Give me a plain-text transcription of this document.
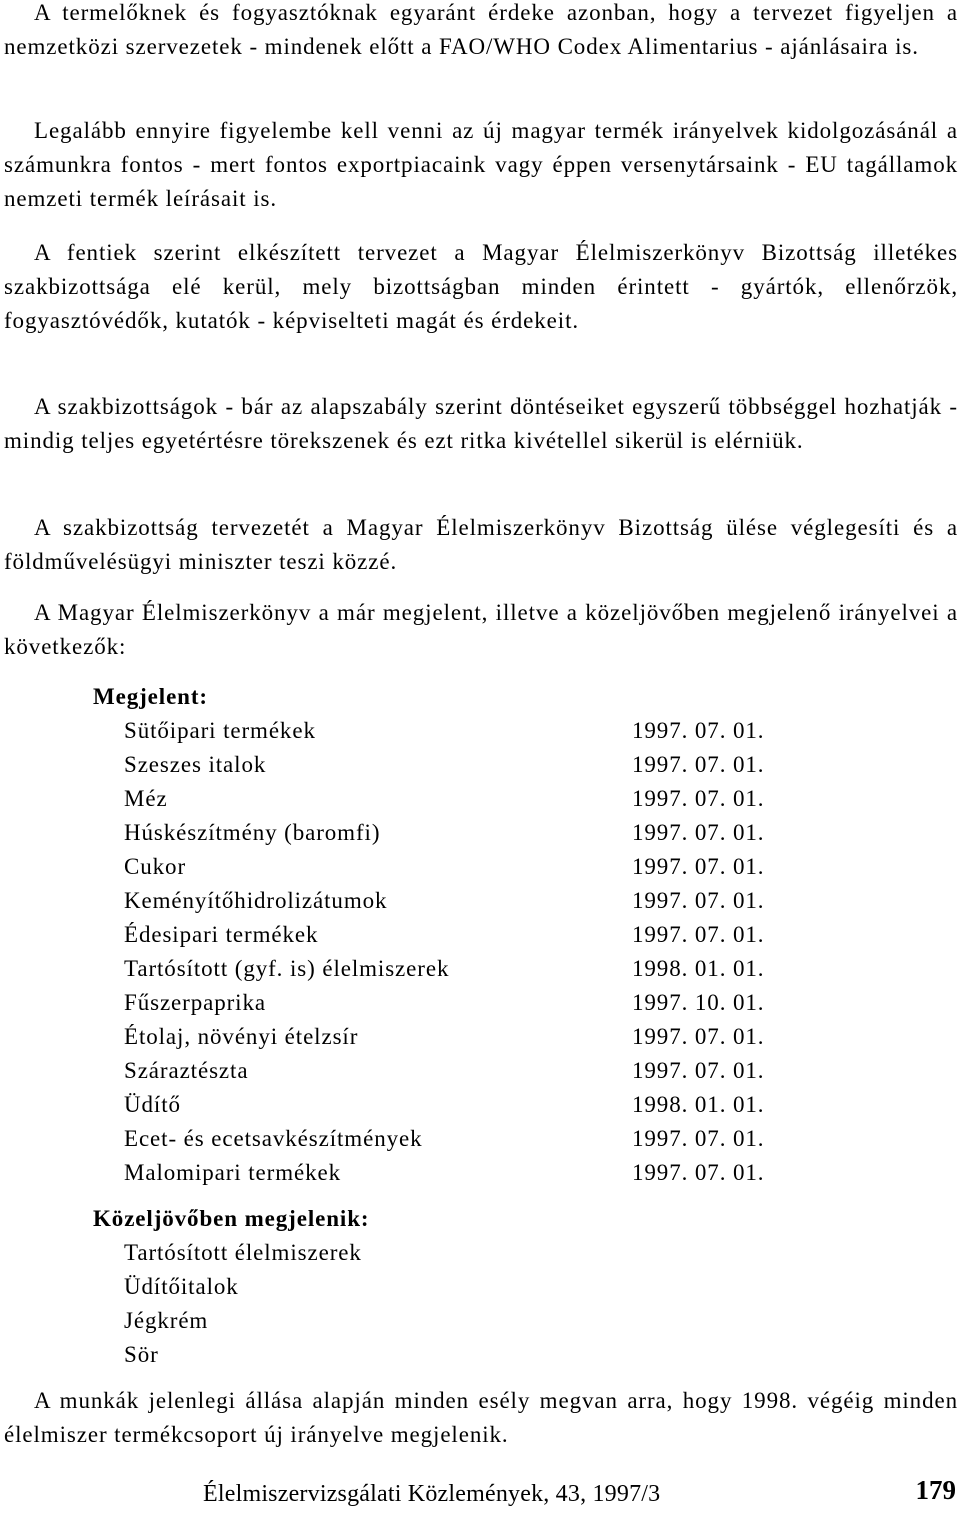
A termelőknek és fogyasztóknak egyaránt érdeke azonban, hogy a tervezet figyeljen a nemzetközi szervezetek - mindenek előtt a FAO/WHO Codex Alimentarius - ajánlásaira is.

Legalább ennyire figyelembe kell venni az új magyar termék irányelvek kidolgozásánál a számunkra fontos - mert fontos exportpiacaink vagy éppen versenytársaink - EU tagállamok nemzeti termék leírásait is.

A fentiek szerint elkészített tervezet a Magyar Élelmiszerkönyv Bizottság illetékes szakbizottsága elé kerül, mely bizottságban minden érintett - gyártók, ellenőrzök, fogyasztóvédők, kutatók - képviselteti magát és érdekeit.

A szakbizottságok - bár az alapszabály szerint döntéseiket egyszerű többséggel hozhatják - mindig teljes egyetértésre törekszenek és ezt ritka kivétellel sikerül is elérniük.

A szakbizottság tervezetét a Magyar Élelmiszerkönyv Bizottság ülése véglegesíti és a földművelésügyi miniszter teszi közzé.

A Magyar Élelmiszerkönyv a már megjelent, illetve a közeljövőben megjelenő irányelvei a következők:

Megjelent:
Sütőipari termékek	1997. 07. 01.
Szeszes italok	1997. 07. 01.
Méz	1997. 07. 01.
Húskészítmény (baromfi)	1997. 07. 01.
Cukor	1997. 07. 01.
Keményítőhidrolizátumok	1997. 07. 01.
Édesipari termékek	1997. 07. 01.
Tartósított (gyf. is) élelmiszerek	1998. 01. 01.
Fűszerpaprika	1997. 10. 01.
Étolaj, növényi ételzsír	1997. 07. 01.
Száraztészta	1997. 07. 01.
Üdítő	1998. 01. 01.
Ecet- és ecetsavkészítmények	1997. 07. 01.
Malomipari termékek	1997. 07. 01.
Közeljövőben megjelenik:
Tartósított élelmiszerek
Üdítőitalok
Jégkrém
Sör

A munkák jelenlegi állása alapján minden esély megvan arra, hogy 1998. végéig minden élelmiszer termékcsoport új irányelve megjelenik.

Élelmiszervizsgálati Közlemények, 43, 1997/3	179
